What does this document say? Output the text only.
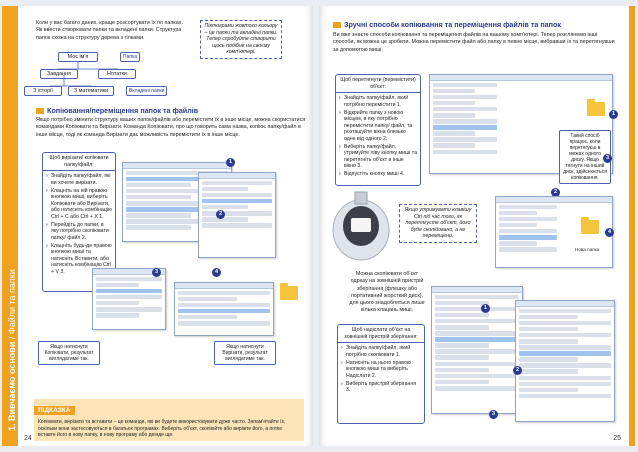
1. Вивчаємо основи / Файли та папки
Коли у вас багато даних, краще розсортувати їх по папках. Як ввести створювати папки та вкладені папки. Структура папок схожа на структуру дерева з гілками.
Моє ім'я	Папка
Завдання	Нотатки
З історії	З математики	Вкладені папки
Піктограми жовтого кольору – це папки та вкладені папки. Тепер спробуйте створити щось подібне на своєму комп'ютері.
Копіювання/переміщення папок та файлів
Якщо потрібно змінити структуру ваших папок/файлів або перемістити їх в інше місце, можна скористатися командами Копіювати та Вирізати. Команда Копіювати, про що говорить сама назва, копіює папку/файл в інше місце, тоді як команда Вирізати дає можливість перемістити їх в інше місце.
Щоб вирізати/ копіювати папку/файл:
› Знайдіть папку/файл, які ви хочете вирізати.
› Клацніть на ній правою кнопкою миші, виберіть Копіювати або Вирізати, або натисніть комбінацію Ctrl + C або Ctrl + X 1.
› Перейдіть до папки, в яку потрібно скопіювати папку/ файл 2.
› Клацніть будь-де правою кнопкою миші та натисніть Вставити, або натисніть комбінацію Ctrl + V 3.
1
2
3	4
Якщо натиснути Копіювати, результат виглядатиме так.
Якщо натиснути Вирізати, результат виглядатиме так.
ПІДКАЗКА
Копіювати, вирізати та вставити – це команди, які ви будете використовувати дуже часто. Запам'ятайте їх, оскільки вони застосовуються в багатьох програмах. Виберіть об'єкт, скопіюйте або виріжте його, а потім вставте його в нову папку, в нову програму або деінде ще.
24
Зручні способи копіювання та переміщення файлів та папок
Ви вже знаєте способи копіювання та переміщення файлів на вашому комп'ютері. Тепер розглянемо інші способи, як можна це зробити. Можна перемістити файл або папку в певне місце, вибравши їх та перетягнувши за допомогою миші.
Щоб перетягнути (перемістити) об'єкт:
› Знайдіть папку/файл, який потрібно перемістити 1.
› Відкрийте папку з новою місцем, в яку потрібно перемістити папку/ файл, та розташуйте вікна близько одне від одного 2.
› Виберіть папку/файл, утримуйте ліву кнопку миші та перетягніть об'єкт в інше вікно 3.
› Відпустіть кнопку миші 4.
1
Такий спосіб працює, коли перетягуєш в межах одного диску. Якщо тягнути на інший диск, здійснюється копіювання.
3
2
4
Нова папка
Якщо утримувати клавішу Ctrl під час того, як перетягуєте об'єкт, його буде скопійовано, а не переміщено.
Можна скопіювати об'єкт одразу на зовнішній пристрій зберігання (флешку або портативний жорсткий диск), для цього знадобляться лише кілька клацань миші.
Щоб надіслати об'єкт на зовнішній пристрій зберігання:
› Знайдіть папку/файл, який потрібно скопіювати 1.
› Натисніть на нього правою кнопкою миші та виберіть Надіслати 2.
› Виберіть пристрій зберігання 3.
1
2
3
25
